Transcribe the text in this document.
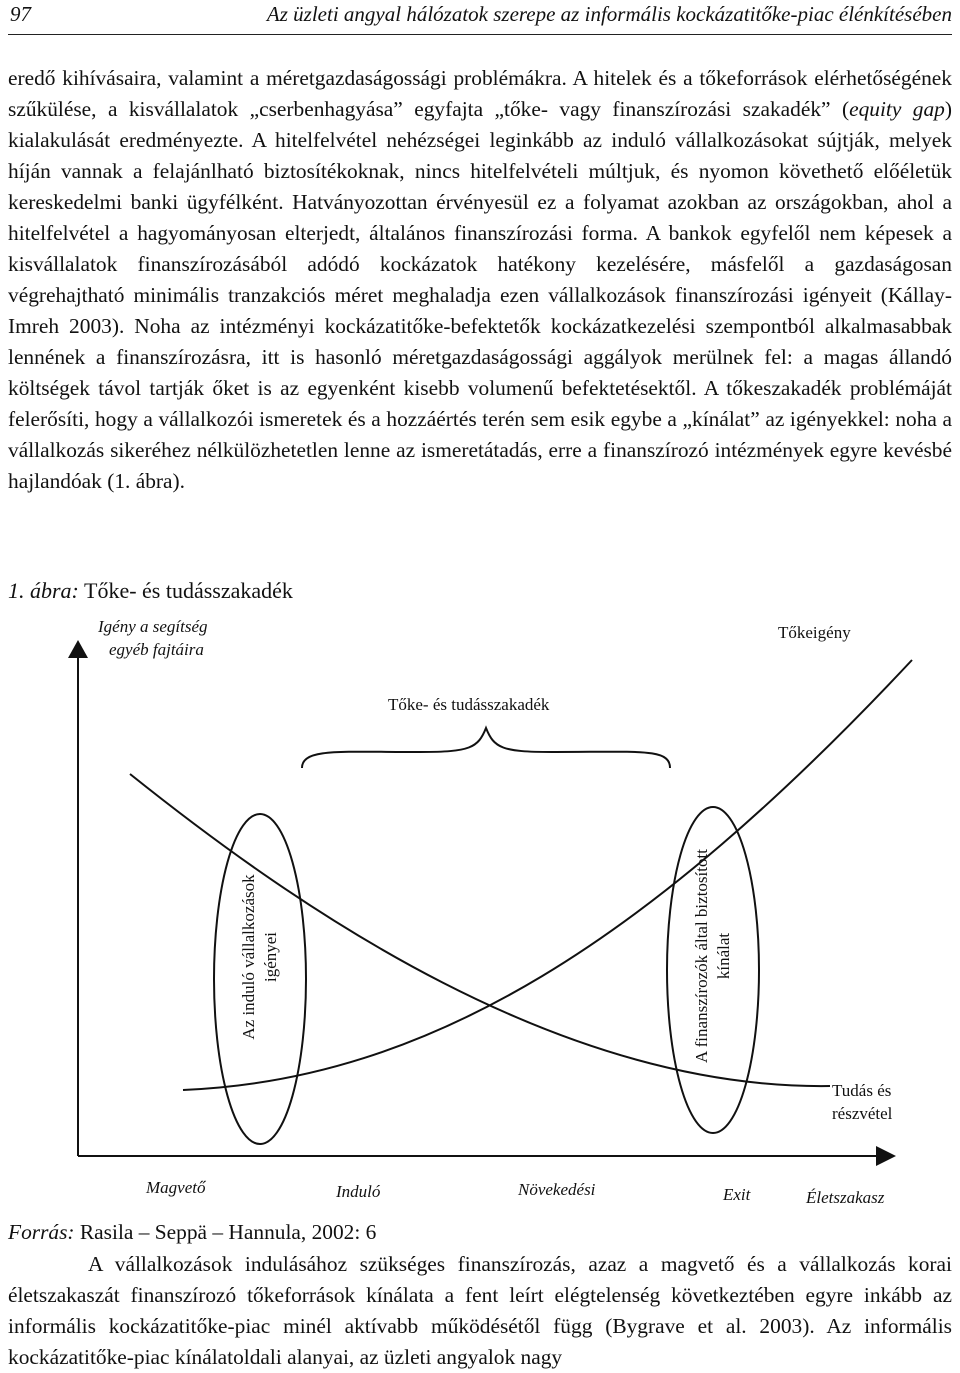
97	Az üzleti angyal hálózatok szerepe az informális kockázatitőke-piac élénkítésében

eredő kihívásaira, valamint a méretgazdaságossági problémákra. A hitelek és a tőkeforrások elérhetőségének szűkülése, a kisvállalatok „cserbenhagyása” egyfajta „tőke- vagy finanszírozási szakadék” (equity gap) kialakulását eredményezte. A hitelfelvétel nehézségei leginkább az induló vállalkozásokat sújtják, melyek híján vannak a felajánlható biztosítékoknak, nincs hitelfelvételi múltjuk, és nyomon követhető előéletük kereskedelmi banki ügyfélként. Hatványozottan érvényesül ez a folyamat azokban az országokban, ahol a hitelfelvétel a hagyományosan elterjedt, általános finanszírozási forma. A bankok egyfelől nem képesek a kisvállalatok finanszírozásából adódó kockázatok hatékony kezelésére, másfelől a gazdaságosan végrehajtható minimális tranzakciós méret meghaladja ezen vállalkozások finanszírozási igényeit (Kállay-Imreh 2003). Noha az intézményi kockázatitőke-befektetők kockázatkezelési szempontból alkalmasabbak lennének a finanszírozásra, itt is hasonló méretgazdaságossági aggályok merülnek fel: a magas állandó költségek távol tartják őket is az egyenként kisebb volumenű befektetésektől. A tőkeszakadék problémáját felerősíti, hogy a vállalkozói ismeretek és a hozzáértés terén sem esik egybe a „kínálat” az igényekkel: noha a vállalkozás sikeréhez nélkülözhetetlen lenne az ismeretátadás, erre a finanszírozó intézmények egyre kevésbé hajlandóak (1. ábra).

1. ábra: Tőke- és tudásszakadék

Igény a segítség
egyéb fajtáira
Tőkeigény
Tőke- és tudásszakadék
Az induló vállalkozások igényei	A finanszírozók által biztosított kínálat
Tudás és
részvétel
Magvető	Induló	Növekedési	Exit	Életszakasz

Forrás: Rasila – Seppä – Hannula, 2002: 6

A vállalkozások indulásához szükséges finanszírozás, azaz a magvető és a vállalkozás korai életszakaszát finanszírozó tőkeforrások kínálata a fent leírt elégtelenség következtében egyre inkább az informális kockázatitőke-piac minél aktívabb működésétől függ (Bygrave et al. 2003). Az informális kockázatitőke-piac kínálatoldali alanyai, az üzleti angyalok nagy
